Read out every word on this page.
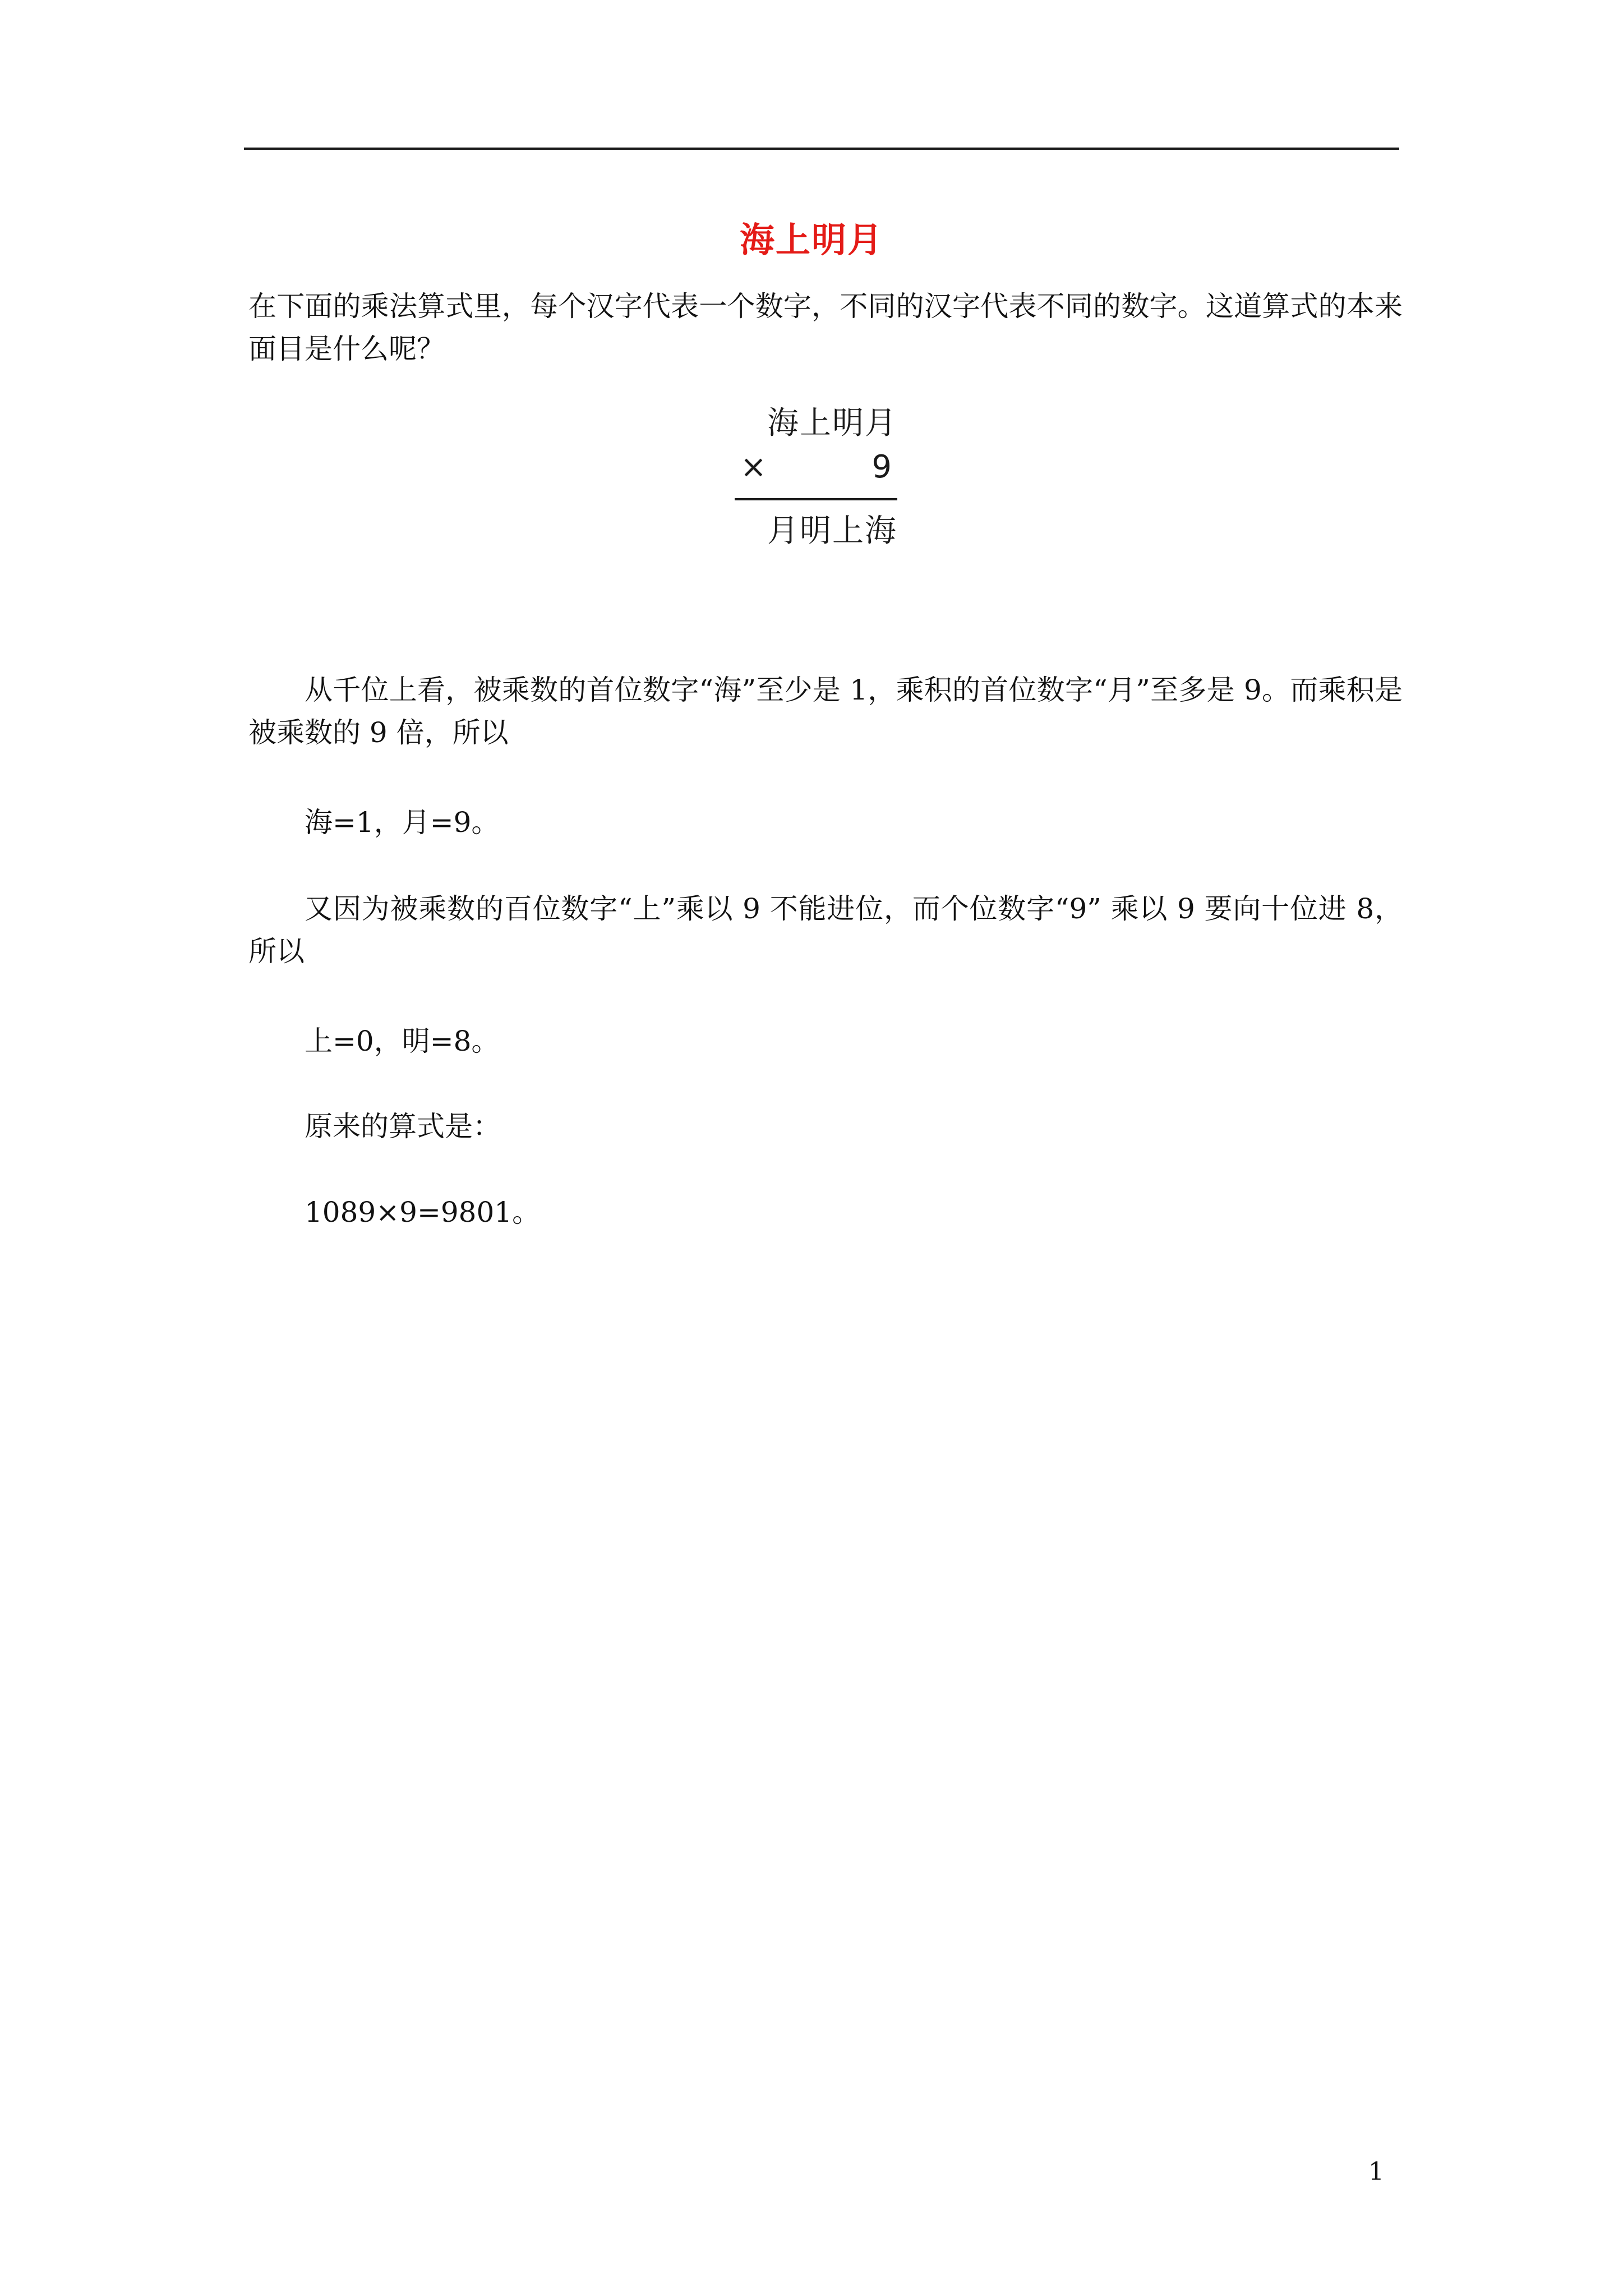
海上明月
在下面的乘法算式里，每个汉字代表一个数字，不同的汉字代表不同的数字。这道算式的本来面目是什么呢？
海上明月
×	9
月明上海
从千位上看，被乘数的首位数字“海”至少是 1，乘积的首位数字“月”至多是 9。而乘积是被乘数的 9 倍，所以
海=1，月=9。
又因为被乘数的百位数字“上”乘以 9 不能进位，而个位数字“9” 乘以 9 要向十位进 8，所以
上=0，明=8。
原来的算式是：
1089×9=9801。
1
